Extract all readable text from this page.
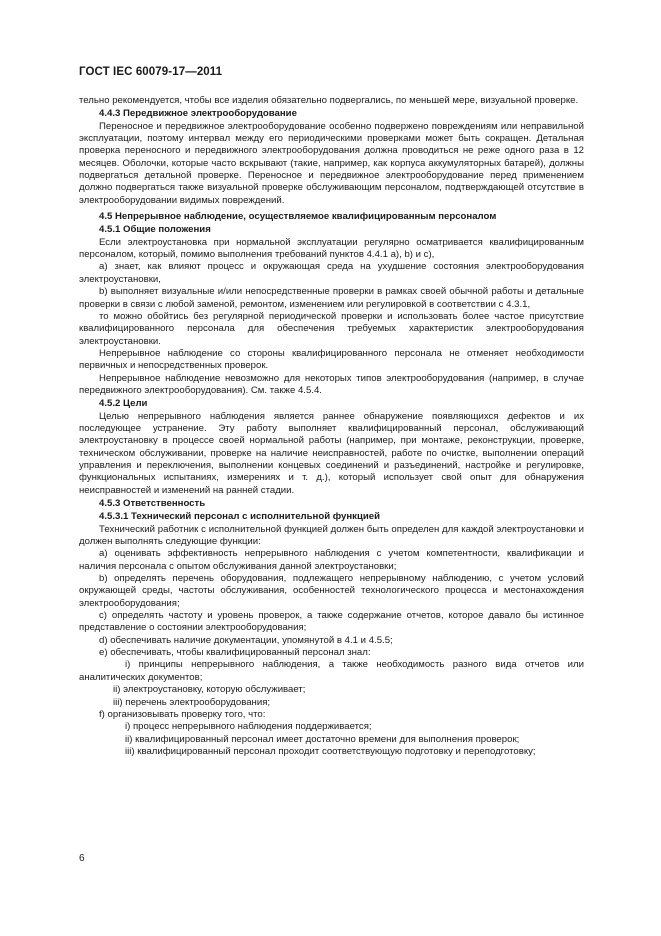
ГОСТ IEC 60079-17—2011

тельно рекомендуется, чтобы все изделия обязательно подвергались, по меньшей мере, визуальной проверке.

4.4.3 Передвижное электрооборудование

Переносное и передвижное электрооборудование особенно подвержено повреждениям или неправильной эксплуатации, поэтому интервал между его периодическими проверками может быть сокращен. Детальная проверка переносного и передвижного электрооборудования должна проводиться не реже одного раза в 12 месяцев. Оболочки, которые часто вскрывают (такие, например, как корпуса аккумуляторных батарей), должны подвергаться детальной проверке. Переносное и передвижное электрооборудование перед применением должно подвергаться также визуальной проверке обслуживающим персоналом, подтверждающей отсутствие в электрооборудовании видимых повреждений.

4.5 Непрерывное наблюдение, осуществляемое квалифицированным персоналом

4.5.1 Общие положения

Если электроустановка при нормальной эксплуатации регулярно осматривается квалифицированным персоналом, который, помимо выполнения требований пунктов 4.4.1 а), b) и с),

а) знает, как влияют процесс и окружающая среда на ухудшение состояния электрооборудования электроустановки,

b) выполняет визуальные и/или непосредственные проверки в рамках своей обычной работы и детальные проверки в связи с любой заменой, ремонтом, изменением или регулировкой в соответствии с 4.3.1,

то можно обойтись без регулярной периодической проверки и использовать более частое присутствие квалифицированного персонала для обеспечения требуемых характеристик электрооборудования электроустановки.

Непрерывное наблюдение со стороны квалифицированного персонала не отменяет необходимости первичных и непосредственных проверок.

Непрерывное наблюдение невозможно для некоторых типов электрооборудования (например, в случае передвижного электрооборудования). См. также 4.5.4.

4.5.2 Цели

Целью непрерывного наблюдения является раннее обнаружение появляющихся дефектов и их последующее устранение. Эту работу выполняет квалифицированный персонал, обслуживающий электроустановку в процессе своей нормальной работы (например, при монтаже, реконструкции, проверке, техническом обслуживании, проверке на наличие неисправностей, работе по очистке, выполнении операций управления и переключения, выполнении концевых соединений и разъединений, настройке и регулировке, функциональных испытаниях, измерениях и т. д.), который использует свой опыт для обнаружения неисправностей и изменений на ранней стадии.

4.5.3 Ответственность

4.5.3.1 Технический персонал с исполнительной функцией

Технический работник с исполнительной функцией должен быть определен для каждой электроустановки и должен выполнять следующие функции:

а) оценивать эффективность непрерывного наблюдения с учетом компетентности, квалификации и наличия персонала с опытом обслуживания данной электроустановки;

b) определять перечень оборудования, подлежащего непрерывному наблюдению, с учетом условий окружающей среды, частоты обслуживания, особенностей технологического процесса и местонахождения электрооборудования;

с) определять частоту и уровень проверок, а также содержание отчетов, которое давало бы истинное представление о состоянии электрооборудования;

d) обеспечивать наличие документации, упомянутой в 4.1 и 4.5.5;

е) обеспечивать, чтобы квалифицированный персонал знал:

i) принципы непрерывного наблюдения, а также необходимость разного вида отчетов или аналитических документов;

ii) электроустановку, которую обслуживает;

iii) перечень электрооборудования;

f) организовывать проверку того, что:

i) процесс непрерывного наблюдения поддерживается;

ii) квалифицированный персонал имеет достаточно времени для выполнения проверок;

iii) квалифицированный персонал проходит соответствующую подготовку и переподготовку;

6
